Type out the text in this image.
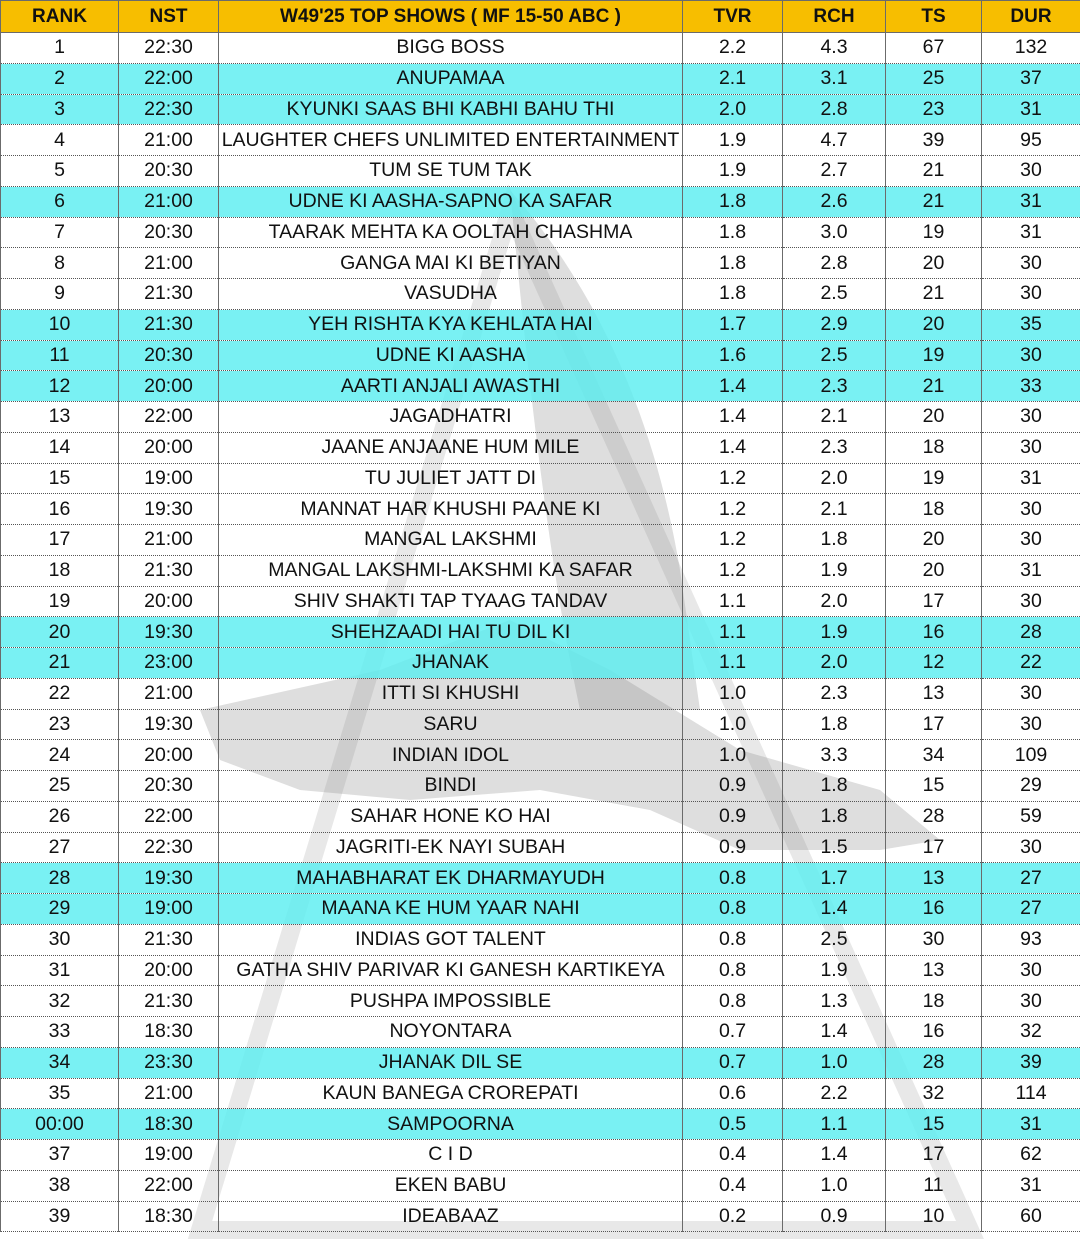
RANK	NST	W49'25 TOP SHOWS ( MF 15-50 ABC )	TVR	RCH	TS	DUR
1	22:30	BIGG BOSS	2.2	4.3	67	132
2	22:00	ANUPAMAA	2.1	3.1	25	37
3	22:30	KYUNKI SAAS BHI KABHI BAHU THI	2.0	2.8	23	31
4	21:00	LAUGHTER CHEFS UNLIMITED ENTERTAINMENT	1.9	4.7	39	95
5	20:30	TUM SE TUM TAK	1.9	2.7	21	30
6	21:00	UDNE KI AASHA-SAPNO KA SAFAR	1.8	2.6	21	31
7	20:30	TAARAK MEHTA KA OOLTAH CHASHMA	1.8	3.0	19	31
8	21:00	GANGA MAI KI BETIYAN	1.8	2.8	20	30
9	21:30	VASUDHA	1.8	2.5	21	30
10	21:30	YEH RISHTA KYA KEHLATA HAI	1.7	2.9	20	35
11	20:30	UDNE KI AASHA	1.6	2.5	19	30
12	20:00	AARTI ANJALI AWASTHI	1.4	2.3	21	33
13	22:00	JAGADHATRI	1.4	2.1	20	30
14	20:00	JAANE ANJAANE HUM MILE	1.4	2.3	18	30
15	19:00	TU JULIET JATT DI	1.2	2.0	19	31
16	19:30	MANNAT HAR KHUSHI PAANE KI	1.2	2.1	18	30
17	21:00	MANGAL LAKSHMI	1.2	1.8	20	30
18	21:30	MANGAL LAKSHMI-LAKSHMI KA SAFAR	1.2	1.9	20	31
19	20:00	SHIV SHAKTI TAP TYAAG TANDAV	1.1	2.0	17	30
20	19:30	SHEHZAADI HAI TU DIL KI	1.1	1.9	16	28
21	23:00	JHANAK	1.1	2.0	12	22
22	21:00	ITTI SI KHUSHI	1.0	2.3	13	30
23	19:30	SARU	1.0	1.8	17	30
24	20:00	INDIAN IDOL	1.0	3.3	34	109
25	20:30	BINDI	0.9	1.8	15	29
26	22:00	SAHAR HONE KO HAI	0.9	1.8	28	59
27	22:30	JAGRITI-EK NAYI SUBAH	0.9	1.5	17	30
28	19:30	MAHABHARAT EK DHARMAYUDH	0.8	1.7	13	27
29	19:00	MAANA KE HUM YAAR NAHI	0.8	1.4	16	27
30	21:30	INDIAS GOT TALENT	0.8	2.5	30	93
31	20:00	GATHA SHIV PARIVAR KI GANESH KARTIKEYA	0.8	1.9	13	30
32	21:30	PUSHPA IMPOSSIBLE	0.8	1.3	18	30
33	18:30	NOYONTARA	0.7	1.4	16	32
34	23:30	JHANAK DIL SE	0.7	1.0	28	39
35	21:00	KAUN BANEGA CROREPATI	0.6	2.2	32	114
00:00	18:30	SAMPOORNA	0.5	1.1	15	31
37	19:00	C I D	0.4	1.4	17	62
38	22:00	EKEN BABU	0.4	1.0	11	31
39	18:30	IDEABAAZ	0.2	0.9	10	60
